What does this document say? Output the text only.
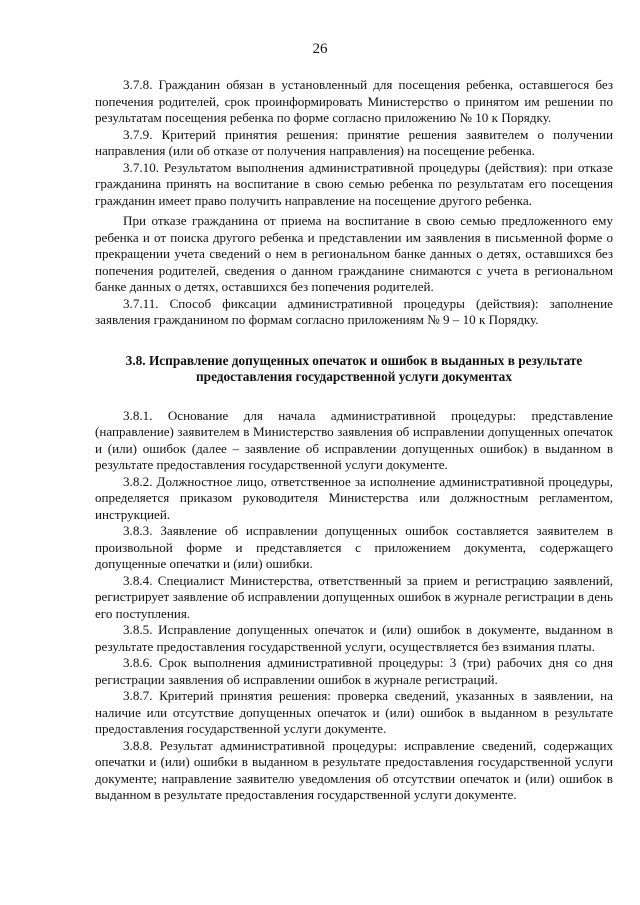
26

3.7.8. Гражданин обязан в установленный для посещения ребенка, оставшегося без попечения родителей, срок проинформировать Министерство о принятом им решении по результатам посещения ребенка по форме согласно приложению № 10 к Порядку.

3.7.9. Критерий принятия решения: принятие решения заявителем о получении направления (или об отказе от получения направления) на посещение ребенка.

3.7.10. Результатом выполнения административной процедуры (действия): при отказе гражданина принять на воспитание в свою семью ребенка по результатам его посещения гражданин имеет право получить направление на посещение другого ребенка.

При отказе гражданина от приема на воспитание в свою семью предложенного ему ребенка и от поиска другого ребенка и представлении им заявления в письменной форме о прекращении учета сведений о нем в региональном банке данных о детях, оставшихся без попечения родителей, сведения о данном гражданине снимаются с учета в региональном банке данных о детях, оставшихся без попечения родителей.

3.7.11. Способ фиксации административной процедуры (действия): заполнение заявления гражданином по формам согласно приложениям № 9 – 10 к Порядку.

3.8. Исправление допущенных опечаток и ошибок в выданных в результате предоставления государственной услуги документах

3.8.1. Основание для начала административной процедуры: представление (направление) заявителем в Министерство заявления об исправлении допущенных опечаток и (или) ошибок (далее – заявление об исправлении допущенных ошибок) в выданном в результате предоставления государственной услуги документе.

3.8.2. Должностное лицо, ответственное за исполнение административной процедуры, определяется приказом руководителя Министерства или должностным регламентом, инструкцией.

3.8.3. Заявление об исправлении допущенных ошибок составляется заявителем в произвольной форме и представляется с приложением документа, содержащего допущенные опечатки и (или) ошибки.

3.8.4. Специалист Министерства, ответственный за прием и регистрацию заявлений, регистрирует заявление об исправлении допущенных ошибок в журнале регистрации в день его поступления.

3.8.5. Исправление допущенных опечаток и (или) ошибок в документе, выданном в результате предоставления государственной услуги, осуществляется без взимания платы.

3.8.6. Срок выполнения административной процедуры: 3 (три) рабочих дня со дня регистрации заявления об исправлении ошибок в журнале регистраций.

3.8.7. Критерий принятия решения: проверка сведений, указанных в заявлении, на наличие или отсутствие допущенных опечаток и (или) ошибок в выданном в результате предоставления государственной услуги документе.

3.8.8. Результат административной процедуры: исправление сведений, содержащих опечатки и (или) ошибки в выданном в результате предоставления государственной услуги документе; направление заявителю уведомления об отсутствии опечаток и (или) ошибок в выданном в результате предоставления государственной услуги документе.
